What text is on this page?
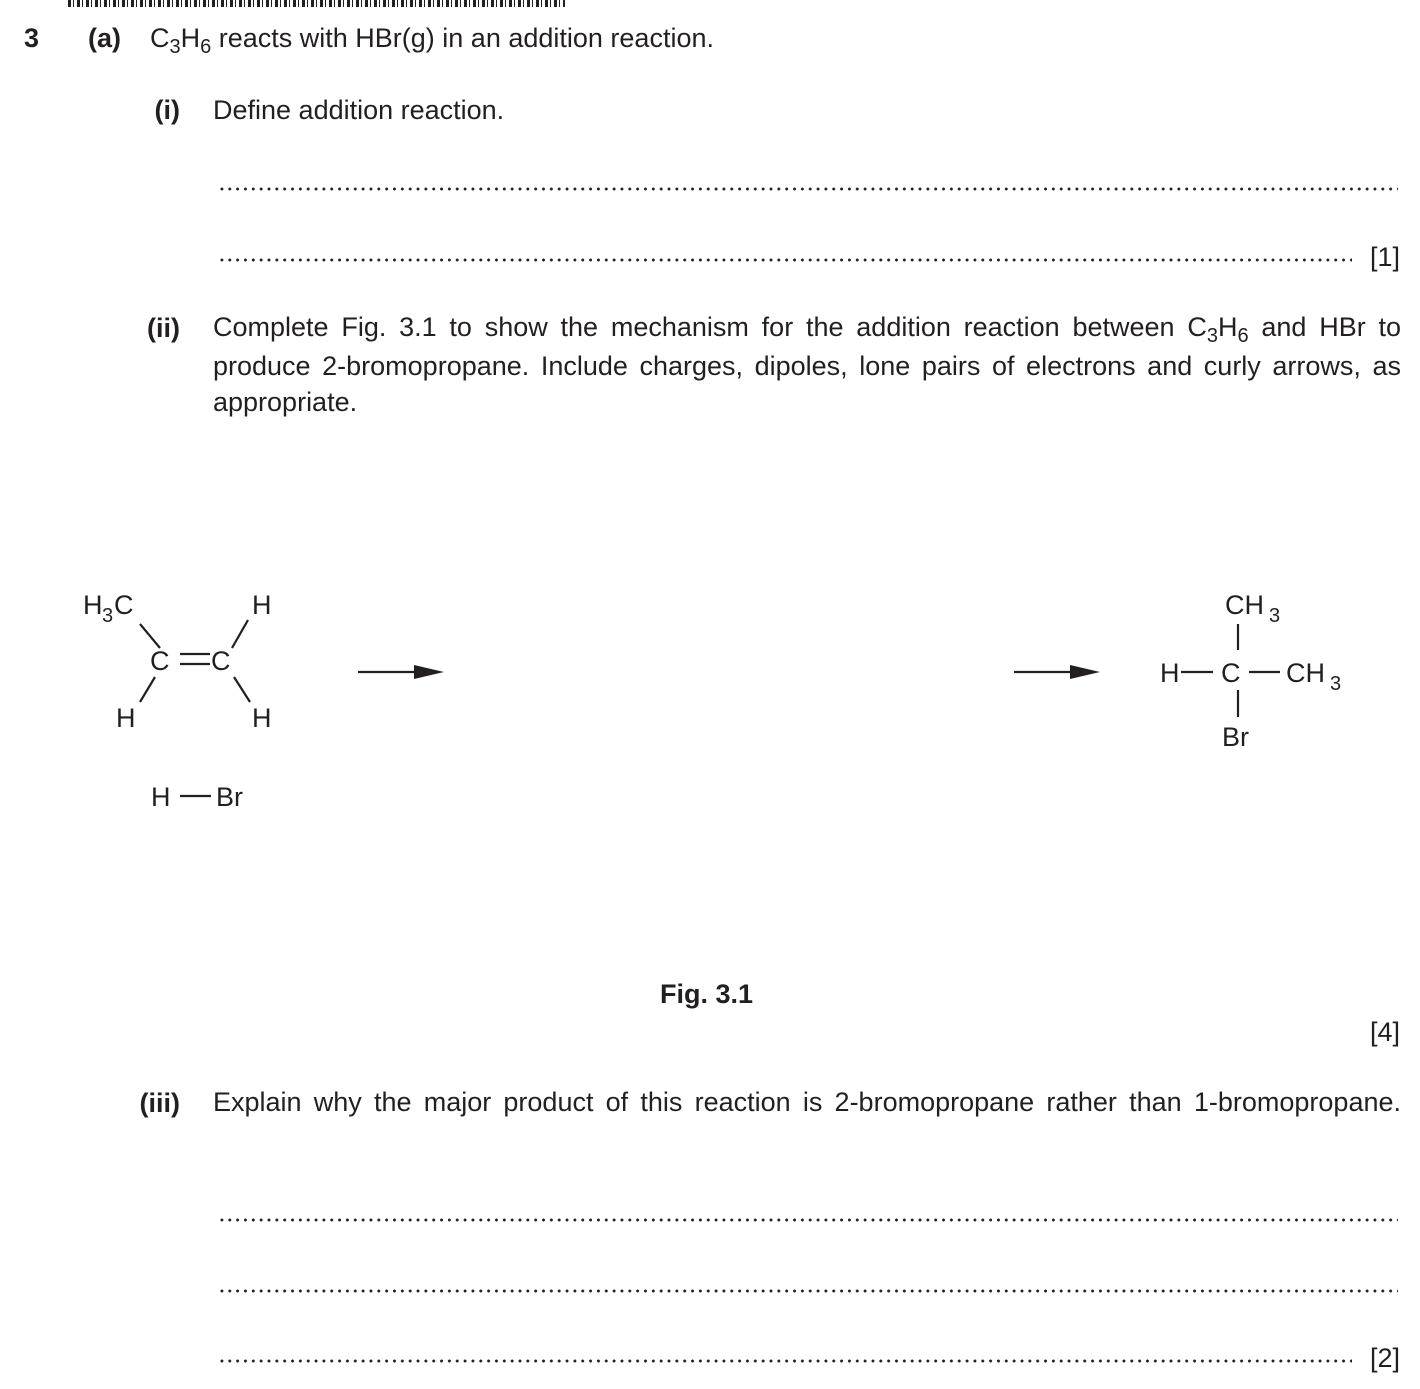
3 (a) $C_3H_6$ reacts with HBr(g) in an addition reaction.
(i) Define addition reaction.
[1]
(ii) Complete Fig. 3.1 to show the mechanism for the addition reaction between $C_3H_6$ and HBr to produce 2-bromopropane. Include charges, dipoles, lone pairs of electrons and curly arrows, as appropriate.
H 3 C	H
C C
H	H
H Br
CH 3
H C CH 3
Br
Fig. 3.1
[4]
(iii) Explain why the major product of this reaction is 2-bromopropane rather than 1-bromopropane.
[2]
